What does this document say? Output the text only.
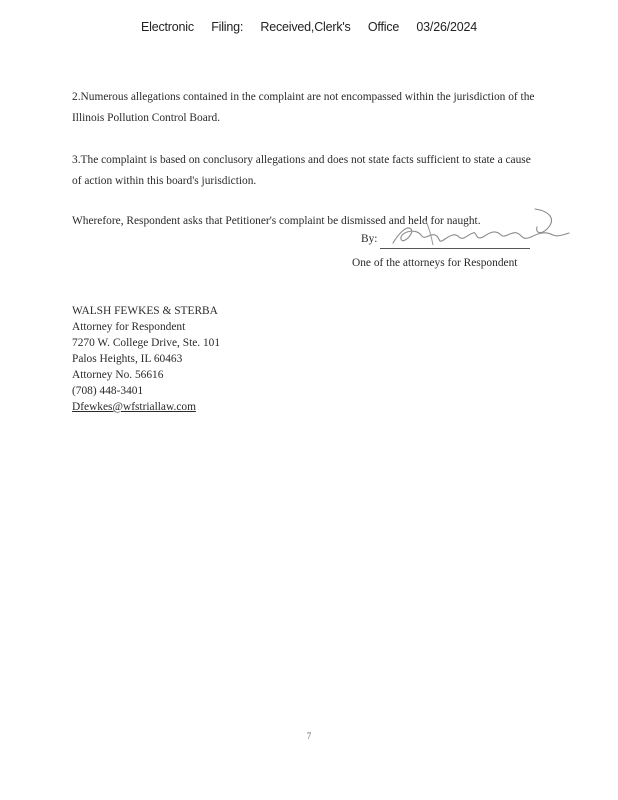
Electronic Filing: Received,Clerk's Office 03/26/2024
2.Numerous allegations contained in the complaint are not encompassed within the jurisdiction of the Illinois Pollution Control Board.
3.The complaint is based on conclusory allegations and does not state facts sufficient to state a cause of action within this board's jurisdiction.
Wherefore, Respondent asks that Petitioner's complaint be dismissed and held for naught.
By:
One of the attorneys for Respondent
WALSH FEWKES & STERBA
Attorney for Respondent
7270 W. College Drive, Ste. 101
Palos Heights, IL 60463
Attorney No. 56616
(708) 448-3401
Dfewkes@wfstriallaw.com
7
